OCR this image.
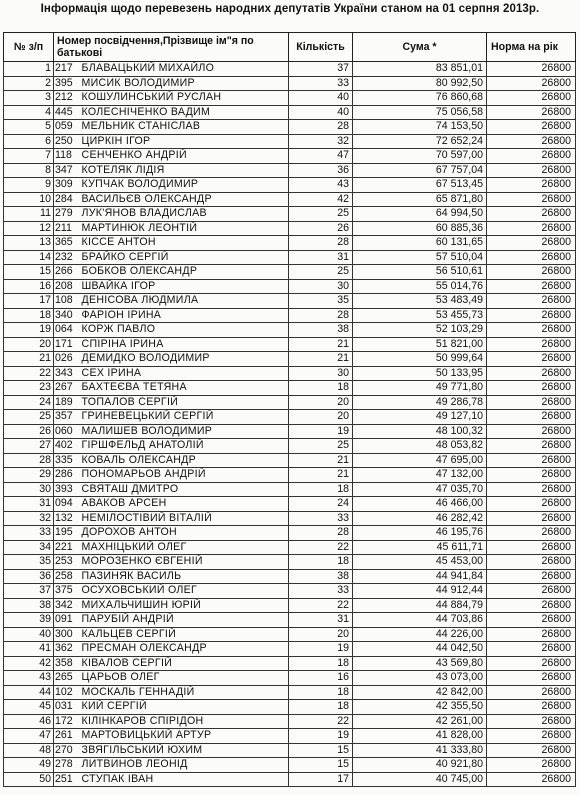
Інформація щодо перевезень народних депутатів України станом на 01 серпня 2013р.
№ з/п	Номер посвідчення,Прізвище ім"я по батькові		Кількість	Сума *	Норма на рік
1	217	БЛАВАЦЬКИЙ МИХАЙЛО	37	83 851,01	26800
2	395	МИСИК ВОЛОДИМИР	33	80 992,50	26800
3	212	КОШУЛИНСЬКИЙ РУСЛАН	40	76 860,68	26800
4	445	КОЛЕСНІЧЕНКО ВАДИМ	40	75 056,58	26800
5	059	МЕЛЬНИК СТАНІСЛАВ	28	74 153,50	26800
6	250	ЦИРКІН ІГОР	32	72 652,24	26800
7	118	СЕНЧЕНКО АНДРІЙ	47	70 597,00	26800
8	347	КОТЕЛЯК ЛІДІЯ	36	67 757,04	26800
9	309	КУПЧАК ВОЛОДИМИР	43	67 513,45	26800
10	284	ВАСИЛЬЄВ ОЛЕКСАНДР	42	65 871,80	26800
11	279	ЛУК'ЯНОВ ВЛАДИСЛАВ	25	64 994,50	26800
12	211	МАРТИНЮК ЛЕОНТІЙ	26	60 885,36	26800
13	365	КІССЕ АНТОН	28	60 131,65	26800
14	232	БРАЙКО СЕРГІЙ	31	57 510,04	26800
15	266	БОБКОВ ОЛЕКСАНДР	25	56 510,61	26800
16	208	ШВАЙКА ІГОР	30	55 014,76	26800
17	108	ДЕНІСОВА ЛЮДМИЛА	35	53 483,49	26800
18	340	ФАРІОН ІРИНА	28	53 455,73	26800
19	064	КОРЖ ПАВЛО	38	52 103,29	26800
20	171	СПІРІНА ІРИНА	21	51 821,00	26800
21	026	ДЕМИДКО ВОЛОДИМИР	21	50 999,64	26800
22	343	СЕХ ІРИНА	30	50 133,95	26800
23	267	БАХТЕЄВА ТЕТЯНА	18	49 771,80	26800
24	189	ТОПАЛОВ СЕРГІЙ	20	49 286,78	26800
25	357	ГРИНЕВЕЦЬКИЙ СЕРГІЙ	20	49 127,10	26800
26	060	МАЛИШЕВ ВОЛОДИМИР	19	48 100,32	26800
27	402	ГІРШФЕЛЬД АНАТОЛІЙ	25	48 053,82	26800
28	335	КОВАЛЬ ОЛЕКСАНДР	21	47 695,00	26800
29	286	ПОНОМАРЬОВ АНДРІЙ	21	47 132,00	26800
30	393	СВЯТАШ ДМИТРО	18	47 035,70	26800
31	094	АВАКОВ АРСЕН	24	46 466,00	26800
32	132	НЕМІЛОСТІВИЙ ВІТАЛІЙ	33	46 282,42	26800
33	195	ДОРОХОВ АНТОН	28	46 195,76	26800
34	221	МАХНІЦЬКИЙ ОЛЕГ	22	45 611,71	26800
35	253	МОРОЗЕНКО ЄВГЕНІЙ	18	45 453,00	26800
36	258	ПАЗИНЯК ВАСИЛЬ	38	44 941,84	26800
37	375	ОСУХОВСЬКИЙ ОЛЕГ	33	44 912,44	26800
38	342	МИХАЛЬЧИШИН ЮРІЙ	22	44 884,79	26800
39	091	ПАРУБІЙ АНДРІЙ	31	44 703,86	26800
40	300	КАЛЬЦЕВ СЕРГІЙ	20	44 226,00	26800
41	362	ПРЕСМАН ОЛЕКСАНДР	19	44 042,50	26800
42	358	КІВАЛОВ СЕРГІЙ	18	43 569,80	26800
43	265	ЦАРЬОВ ОЛЕГ	16	43 073,00	26800
44	102	МОСКАЛЬ ГЕННАДІЙ	18	42 842,00	26800
45	031	КИЙ СЕРГІЙ	18	42 355,50	26800
46	172	КІЛІНКАРОВ СПІРІДОН	22	42 261,00	26800
47	261	МАРТОВИЦЬКИЙ АРТУР	19	41 828,00	26800
48	270	ЗВЯГІЛЬСЬКИЙ ЮХИМ	15	41 333,80	26800
49	278	ЛИТВИНОВ ЛЕОНІД	15	40 921,80	26800
50	251	СТУПАК ІВАН	17	40 745,00	26800
